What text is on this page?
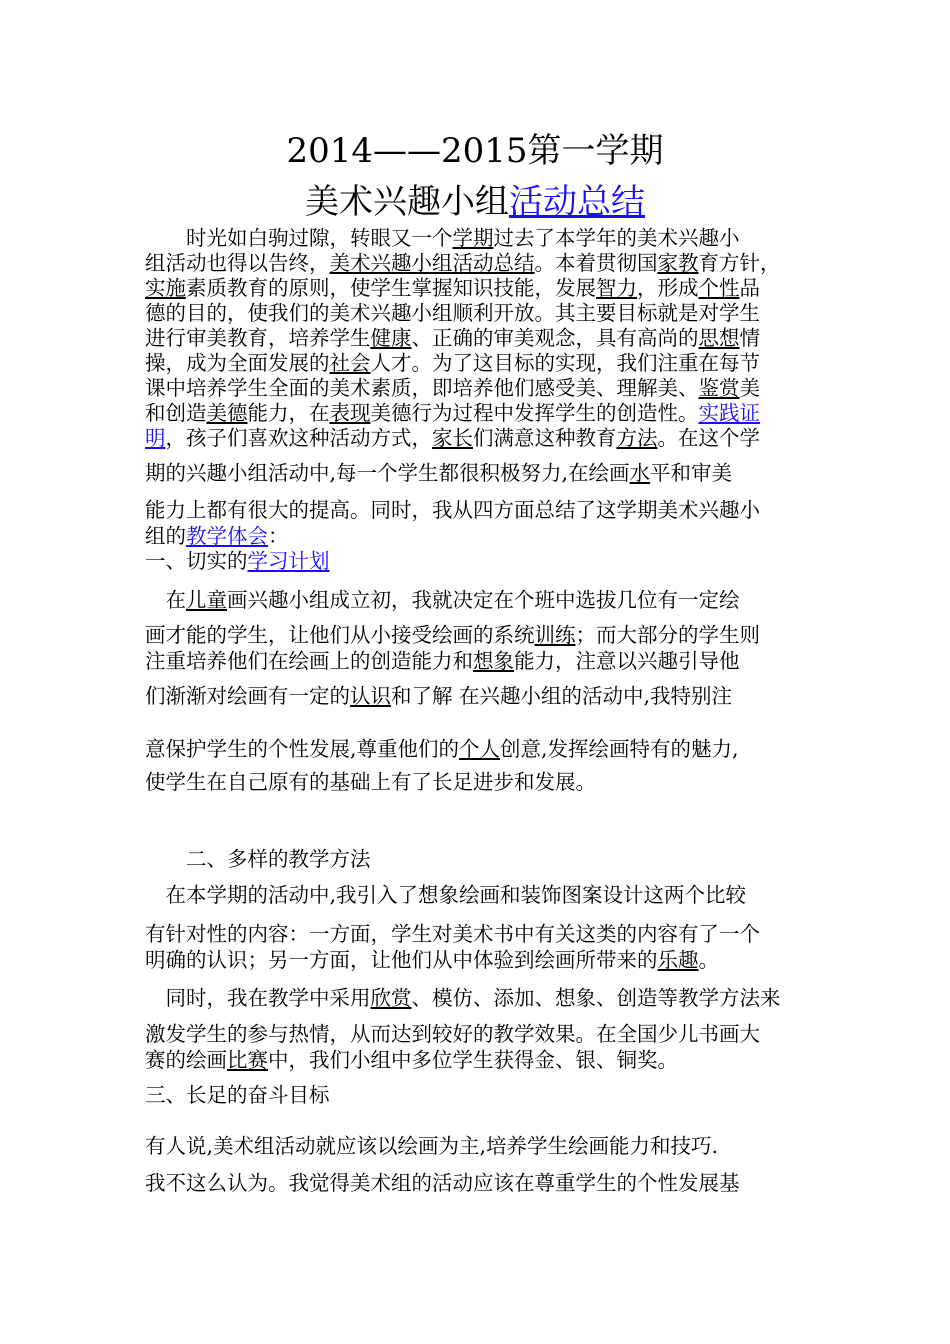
2014——2015第一学期
美术兴趣小组活动总结
　　时光如白驹过隙，转眼又一个学期过去了本学年的美术兴趣小
组活动也得以告终，美术兴趣小组活动总结。本着贯彻国家教育方针，
实施素质教育的原则，使学生掌握知识技能，发展智力，形成个性品
德的目的，使我们的美术兴趣小组顺利开放。其主要目标就是对学生
进行审美教育，培养学生健康、正确的审美观念，具有高尚的思想情
操，成为全面发展的社会人才。为了这目标的实现，我们注重在每节
课中培养学生全面的美术素质，即培养他们感受美、理解美、鉴赏美
和创造美德能力，在表现美德行为过程中发挥学生的创造性。实践证
明，孩子们喜欢这种活动方式，家长们满意这种教育方法。在这个学
期的兴趣小组活动中,每一个学生都很积极努力,在绘画水平和审美
能力上都有很大的提高。同时，我从四方面总结了这学期美术兴趣小
组的教学体会：
一、切实的学习计划
　在儿童画兴趣小组成立初，我就决定在个班中选拔几位有一定绘
画才能的学生，让他们从小接受绘画的系统训练；而大部分的学生则
注重培养他们在绘画上的创造能力和想象能力，注意以兴趣引导他
们渐渐对绘画有一定的认识和了解 在兴趣小组的活动中,我特别注
意保护学生的个性发展,尊重他们的个人创意,发挥绘画特有的魅力,
使学生在自己原有的基础上有了长足进步和发展。
　　二、多样的教学方法
　在本学期的活动中,我引入了想象绘画和装饰图案设计这两个比较
有针对性的内容：一方面，学生对美术书中有关这类的内容有了一个
明确的认识；另一方面，让他们从中体验到绘画所带来的乐趣。
　同时，我在教学中采用欣赏、模仿、添加、想象、创造等教学方法来
激发学生的参与热情，从而达到较好的教学效果。在全国少儿书画大
赛的绘画比赛中，我们小组中多位学生获得金、银、铜奖。
三、长足的奋斗目标
有人说,美术组活动就应该以绘画为主,培养学生绘画能力和技巧.
我不这么认为。我觉得美术组的活动应该在尊重学生的个性发展基
